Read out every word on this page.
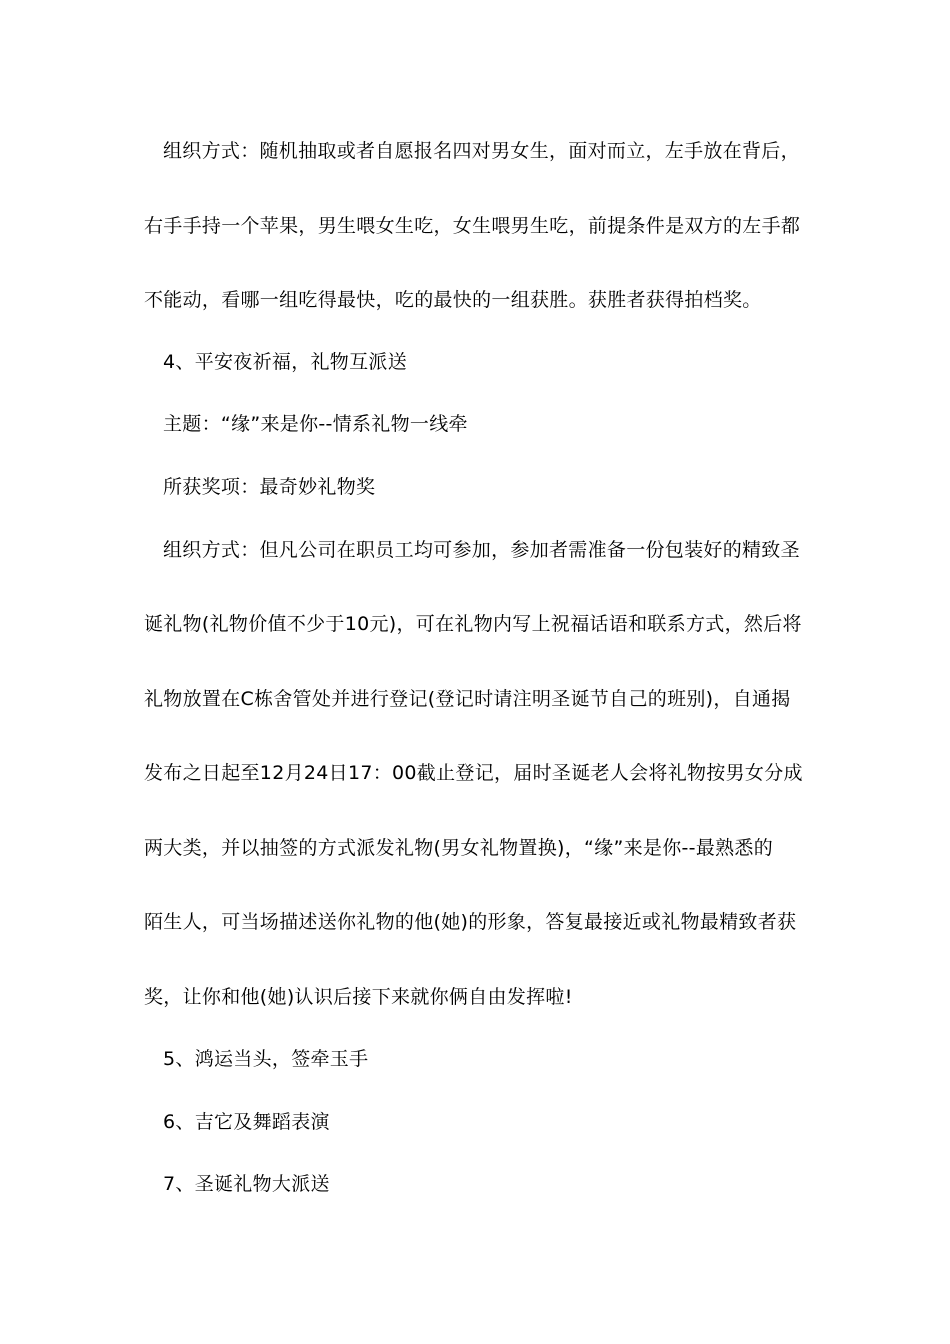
组织方式：随机抽取或者自愿报名四对男女生，面对而立，左手放在背后，
右手手持一个苹果，男生喂女生吃，女生喂男生吃，前提条件是双方的左手都
不能动，看哪一组吃得最快，吃的最快的一组获胜。获胜者获得拍档奖。
4、平安夜祈福，礼物互派送
主题：“缘”来是你--情系礼物一线牵
所获奖项：最奇妙礼物奖
组织方式：但凡公司在职员工均可参加，参加者需准备一份包装好的精致圣
诞礼物(礼物价值不少于10元)，可在礼物内写上祝福话语和联系方式，然后将
礼物放置在C栋舍管处并进行登记(登记时请注明圣诞节自己的班别)，自通揭
发布之日起至12月24日17：00截止登记，届时圣诞老人会将礼物按男女分成
两大类，并以抽签的方式派发礼物(男女礼物置换)，“缘”来是你--最熟悉的
陌生人，可当场描述送你礼物的他(她)的形象，答复最接近或礼物最精致者获
奖，让你和他(她)认识后接下来就你俩自由发挥啦!
5、鸿运当头，签牵玉手
6、吉它及舞蹈表演
7、圣诞礼物大派送
